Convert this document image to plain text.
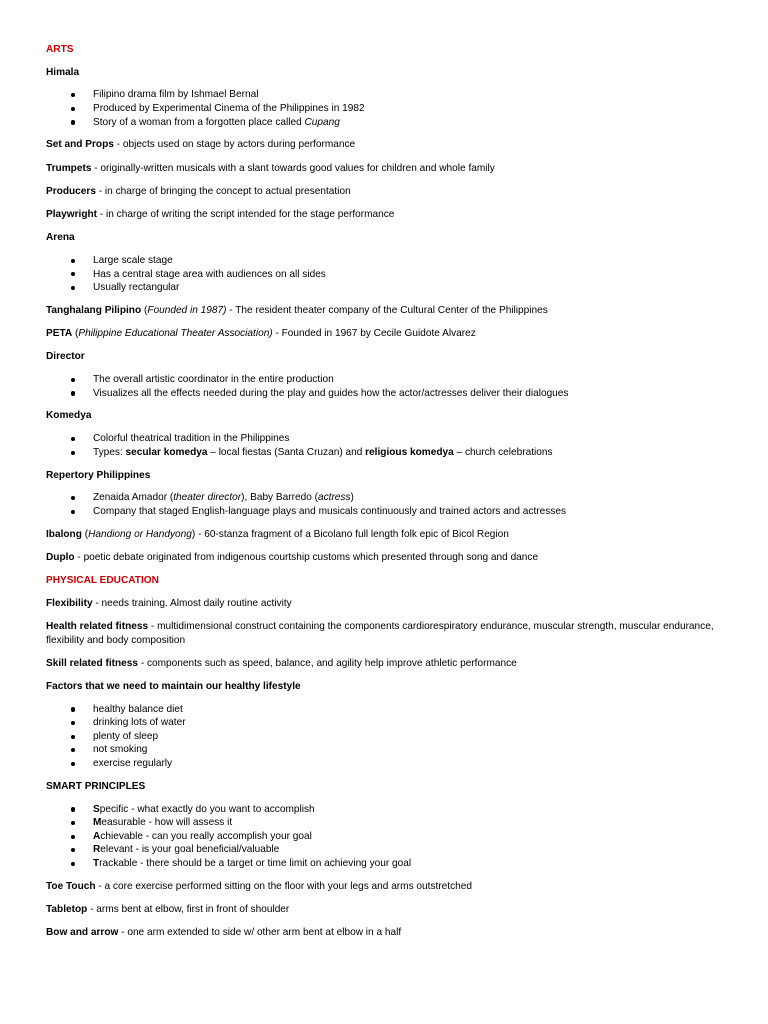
ARTS
Himala
Filipino drama film by Ishmael Bernal
Produced by Experimental Cinema of the Philippines in 1982
Story of a woman from a forgotten place called Cupang
Set and Props - objects used on stage by actors during performance
Trumpets - originally-written musicals with a slant towards good values for children and whole family
Producers - in charge of bringing the concept to actual presentation
Playwright - in charge of writing the script intended for the stage performance
Arena
Large scale stage
Has a central stage area with audiences on all sides
Usually rectangular
Tanghalang Pilipino (Founded in 1987) - The resident theater company of the Cultural Center of the Philippines
PETA (Philippine Educational Theater Association) - Founded in 1967 by Cecile Guidote Alvarez
Director
The overall artistic coordinator in the entire production
Visualizes all the effects needed during the play and guides how the actor/actresses deliver their dialogues
Komedya
Colorful theatrical tradition in the Philippines
Types: secular komedya – local fiestas (Santa Cruzan) and religious komedya – church celebrations
Repertory Philippines
Zenaida Amador (theater director), Baby Barredo (actress)
Company that staged English-language plays and musicals continuously and trained actors and actresses
Ibalong (Handiong or Handyong) - 60-stanza fragment of a Bicolano full length folk epic of Bicol Region
Duplo - poetic debate originated from indigenous courtship customs which presented through song and dance
PHYSICAL EDUCATION
Flexibility - needs training. Almost daily routine activity
Health related fitness - multidimensional construct containing the components cardiorespiratory endurance, muscular strength, muscular endurance, flexibility and body composition
Skill related fitness - components such as speed, balance, and agility help improve athletic performance
Factors that we need to maintain our healthy lifestyle
healthy balance diet
drinking lots of water
plenty of sleep
not smoking
exercise regularly
SMART PRINCIPLES
Specific - what exactly do you want to accomplish
Measurable - how will assess it
Achievable - can you really accomplish your goal
Relevant - is your goal beneficial/valuable
Trackable - there should be a target or time limit on achieving your goal
Toe Touch - a core exercise performed sitting on the floor with your legs and arms outstretched
Tabletop - arms bent at elbow, first in front of shoulder
Bow and arrow - one arm extended to side w/ other arm bent at elbow in a half
